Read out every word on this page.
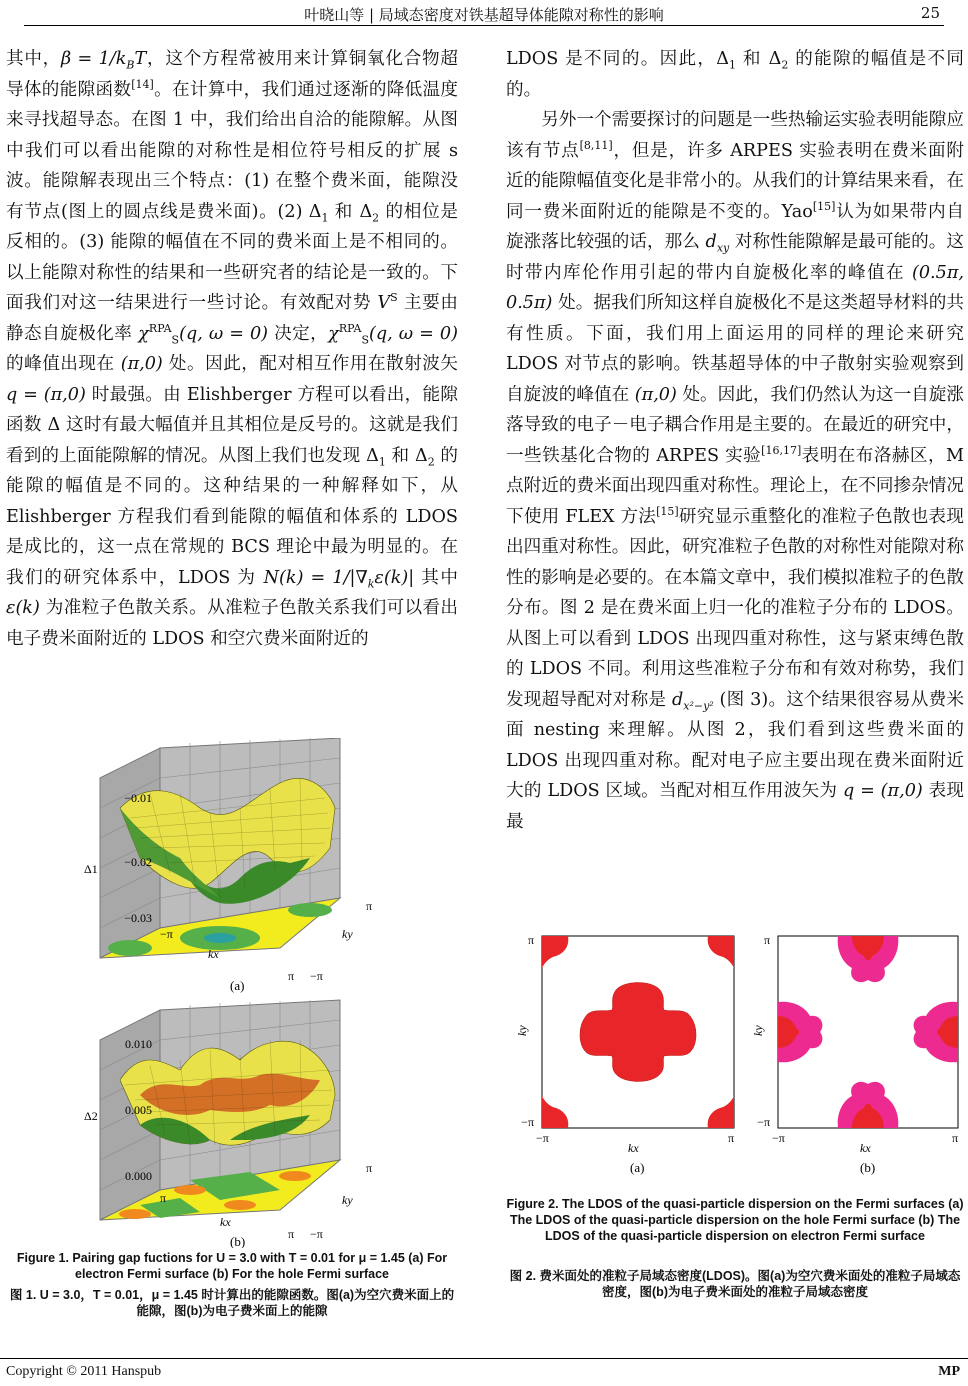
叶晓山等 | 局域态密度对铁基超导体能隙对称性的影响	25

其中，$\beta = 1/k_BT$，这个方程常被用来计算铜氧化合物超导体的能隙函数[14]。在计算中，我们通过逐渐的降低温度来寻找超导态。在图 1 中，我们给出自洽的能隙解。从图中我们可以看出能隙的对称性是相位符号相反的扩展 s 波。能隙解表现出三个特点：(1) 在整个费米面，能隙没有节点(图上的圆点线是费米面)。(2) $\Delta_1$ 和 $\Delta_2$ 的相位是反相的。(3) 能隙的幅值在不同的费米面上是不相同的。以上能隙对称性的结果和一些研究者的结论是一致的。下面我们对这一结果进行一些讨论。有效配对势 $V^S$ 主要由静态自旋极化率 $\chi^{RPA}_S(q$, ω = 0) 决定，$\chi^{RPA}_S(q$, ω = 0) 的峰值出现在 (π,0) 处。因此，配对相互作用在散射波矢 q = (π,0) 时最强。由 Elishberger 方程可以看出，能隙函数 Δ 这时有最大幅值并且其相位是反号的。这就是我们看到的上面能隙解的情况。从图上我们也发现 $\Delta_1$ 和 $\Delta_2$ 的能隙的幅值是不同的。这种结果的一种解释如下，从 Elishberger 方程我们看到能隙的幅值和体系的 LDOS 是成比的，这一点在常规的 BCS 理论中最为明显的。在我们的研究体系中，LDOS 为 $N(k) = 1/|\nabla_k\varepsilon(k)|$ 其中 ε(k) 为准粒子色散关系。从准粒子色散关系我们可以看出电子费米面附近的 LDOS 和空穴费米面附近的

LDOS 是不同的。因此，$\Delta_1$ 和 $\Delta_2$ 的能隙的幅值是不同的。

另外一个需要探讨的问题是一些热输运实验表明能隙应该有节点[8,11]，但是，许多 ARPES 实验表明在费米面附近的能隙幅值变化是非常小的。从我们的计算结果来看，在同一费米面附近的能隙是不变的。Yao[15]认为如果带内自旋涨落比较强的话，那么 $d_{xy}$ 对称性能隙解是最可能的。这时带内库伦作用引起的带内自旋极化率的峰值在 (0.5π, 0.5π) 处。据我们所知这样自旋极化不是这类超导材料的共有性质。下面，我们用上面运用的同样的理论来研究 LDOS 对节点的影响。铁基超导体的中子散射实验观察到自旋波的峰值在 (π,0) 处。因此，我们仍然认为这一自旋涨落导致的电子－电子耦合作用是主要的。在最近的研究中，一些铁基化合物的 ARPES 实验[16,17]表明在布洛赫区，M 点附近的费米面出现四重对称性。理论上，在不同掺杂情况下使用 FLEX 方法[15]研究显示重整化的准粒子色散也表现出四重对称性。因此，研究准粒子色散的对称性对能隙对称性的影响是必要的。在本篇文章中，我们模拟准粒子的色散分布。图 2 是在费米面上归一化的准粒子分布的 LDOS。从图上可以看到 LDOS 出现四重对称性，这与紧束缚色散的 LDOS 不同。利用这些准粒子分布和有效对称势，我们发现超导配对对称是 $d_{x^2-y^2}$ (图 3)。这个结果很容易从费米面 nesting 来理解。从图 2，我们看到这些费米面的 LDOS 出现四重对称。配对电子应主要出现在费米面附近大的 LDOS 区域。当配对相互作用波矢为 q = (π,0) 表现最

−0.01
−0.02
−0.03
Δ1
−π
π −π
π
kx
ky
(a)
0.010
0.005
0.000
Δ2
π
π −π
π
kx
ky
(b)
Figure 1. Pairing gap fuctions for U = 3.0 with T = 0.01 for μ = 1.45 (a) For electron Fermi surface (b) For the hole Fermi surface
图 1. U = 3.0，T = 0.01，μ = 1.45 时计算出的能隙函数。图(a)为空穴费米面上的能隙，图(b)为电子费米面上的能隙
π
−π
−π	π
kx
ky
(a)
π
−π
−π	π
kx
ky
(b)
Figure 2. The LDOS of the quasi-particle dispersion on the Fermi surfaces (a) The LDOS of the quasi-particle dispersion on the hole Fermi surface (b) The LDOS of the quasi-particle dispersion on electron Fermi surface
图 2. 费米面处的准粒子局域态密度(LDOS)。图(a)为空穴费米面处的准粒子局域态密度，图(b)为电子费米面处的准粒子局域态密度
Copyright © 2011 Hanspub	MP
